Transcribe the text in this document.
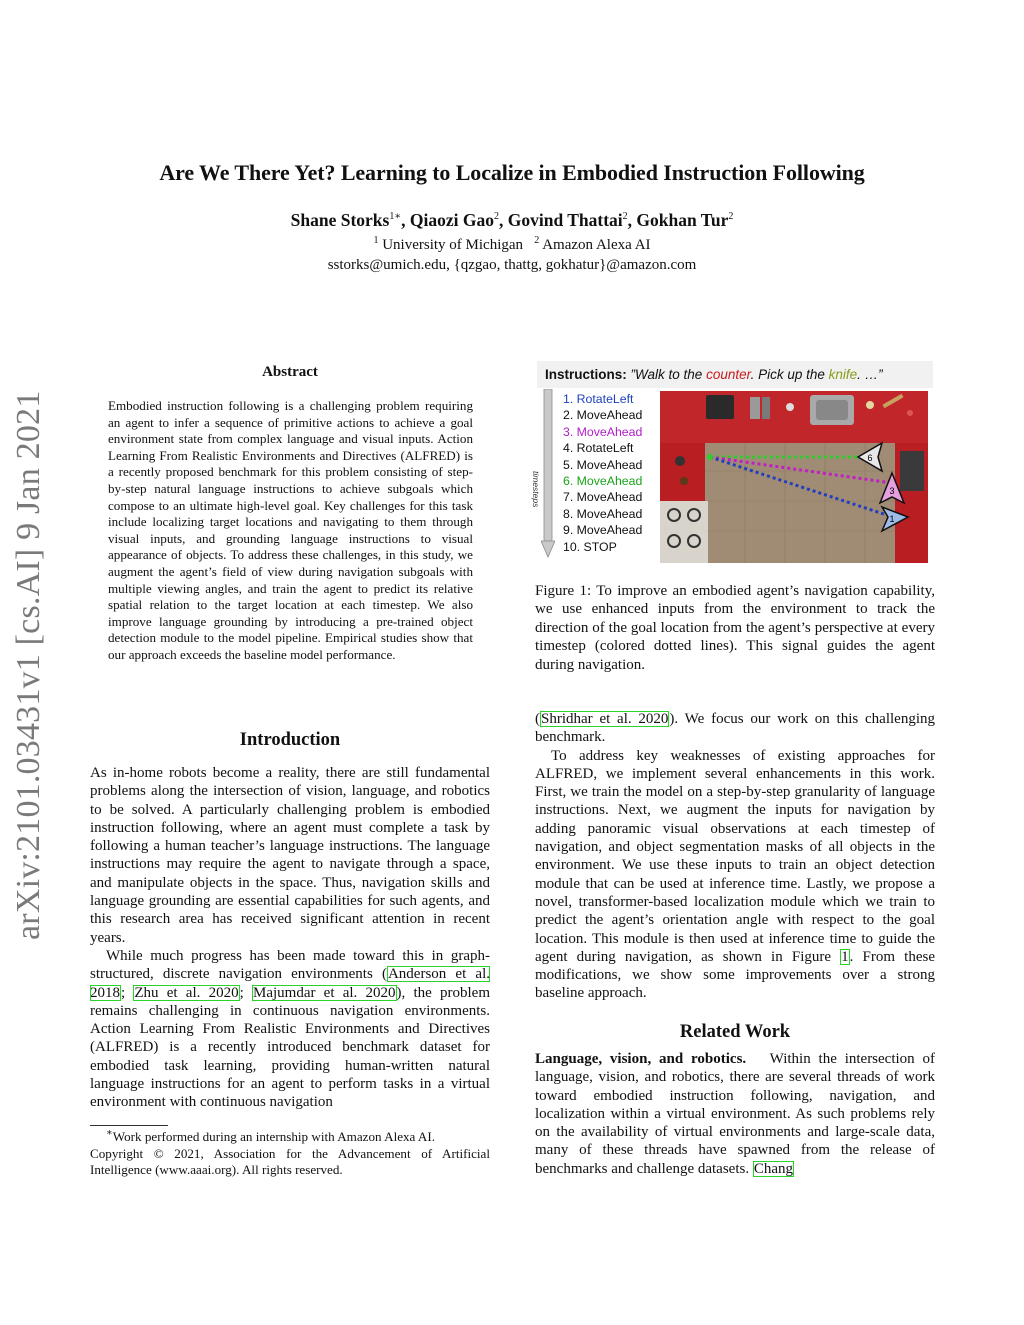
Are We There Yet? Learning to Localize in Embodied Instruction Following
Shane Storks$^{1∗}$, Qiaozi Gao$^2$, Govind Thattai$^2$, Gokhan Tur$^2$
$^1$ University of Michigan $^2$ Amazon Alexa AI
sstorks@umich.edu, {qzgao, thattg, gokhatur}@amazon.com
arXiv:2101.03431v1 [cs.AI] 9 Jan 2021
Abstract
Embodied instruction following is a challenging problem requiring an agent to infer a sequence of primitive actions to achieve a goal environment state from complex language and visual inputs. Action Learning From Realistic Environments and Directives (ALFRED) is a recently proposed benchmark for this problem consisting of step-by-step natural language instructions to achieve subgoals which compose to an ultimate high-level goal. Key challenges for this task include localizing target locations and navigating to them through visual inputs, and grounding language instructions to visual appearance of objects. To address these challenges, in this study, we augment the agent’s field of view during navigation subgoals with multiple viewing angles, and train the agent to predict its relative spatial relation to the target location at each timestep. We also improve language grounding by introducing a pre-trained object detection module to the model pipeline. Empirical studies show that our approach exceeds the baseline model performance.
Introduction

As in-home robots become a reality, there are still fundamental problems along the intersection of vision, language, and robotics to be solved. A particularly challenging problem is embodied instruction following, where an agent must complete a task by following a human teacher’s language instructions. The language instructions may require the agent to navigate through a space, and manipulate objects in the space. Thus, navigation skills and language grounding are essential capabilities for such agents, and this research area has received significant attention in recent years.

While much progress has been made toward this in graph-structured, discrete navigation environments (Anderson et al. 2018; Zhu et al. 2020; Majumdar et al. 2020), the problem remains challenging in continuous navigation environments. Action Learning From Realistic Environments and Directives (ALFRED) is a recently introduced benchmark dataset for embodied task learning, providing human-written natural language instructions for an agent to perform tasks in a virtual environment with continuous navigation

∗Work performed during an internship with Amazon Alexa AI.
Copyright © 2021, Association for the Advancement of Artificial Intelligence (www.aaai.org). All rights reserved.
Instructions: ”Walk to the counter. Pick up the knife. …”
timesteps
1. RotateLeft
2. MoveAhead
3. MoveAhead
4. RotateLeft
5. MoveAhead
6. MoveAhead
7. MoveAhead
8. MoveAhead
9. MoveAhead
10. STOP
6
3
1
Figure 1: To improve an embodied agent’s navigation capability, we use enhanced inputs from the environment to track the direction of the goal location from the agent’s perspective at every timestep (colored dotted lines). This signal guides the agent during navigation.

(Shridhar et al. 2020). We focus our work on this challenging benchmark.

To address key weaknesses of existing approaches for ALFRED, we implement several enhancements in this work. First, we train the model on a step-by-step granularity of language instructions. Next, we augment the inputs for navigation by adding panoramic visual observations at each timestep of navigation, and object segmentation masks of all objects in the environment. We use these inputs to train an object detection module that can be used at inference time. Lastly, we propose a novel, transformer-based localization module which we train to predict the agent’s orientation angle with respect to the goal location. This module is then used at inference time to guide the agent during navigation, as shown in Figure 1. From these modifications, we show some improvements over a strong baseline approach.

Related Work

Language, vision, and robotics. Within the intersection of language, vision, and robotics, there are several threads of work toward embodied instruction following, navigation, and localization within a virtual environment. As such problems rely on the availability of virtual environments and large-scale data, many of these threads have spawned from the release of benchmarks and challenge datasets. Chang
